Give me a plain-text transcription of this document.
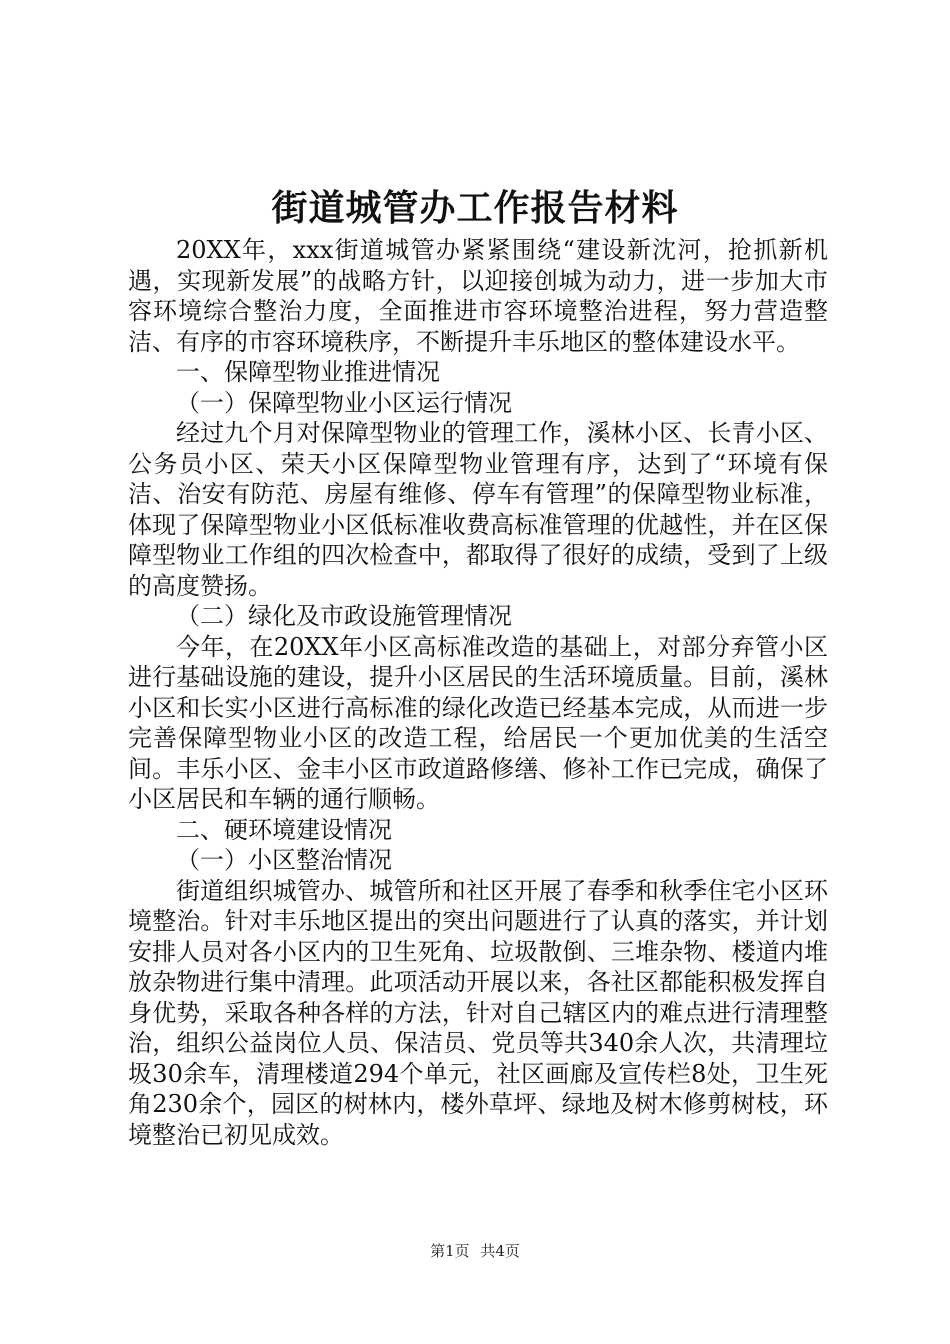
街道城管办工作报告材料

20XX年，xxx街道城管办紧紧围绕“建设新沈河，抢抓新机遇，实现新发展”的战略方针，以迎接创城为动力，进一步加大市容环境综合整治力度，全面推进市容环境整治进程，努力营造整洁、有序的市容环境秩序，不断提升丰乐地区的整体建设水平。

一、保障型物业推进情况

（一）保障型物业小区运行情况

经过九个月对保障型物业的管理工作，溪林小区、长青小区、公务员小区、荣天小区保障型物业管理有序，达到了“环境有保洁、治安有防范、房屋有维修、停车有管理”的保障型物业标准，体现了保障型物业小区低标准收费高标准管理的优越性，并在区保障型物业工作组的四次检查中，都取得了很好的成绩，受到了上级的高度赞扬。

（二）绿化及市政设施管理情况

今年，在20XX年小区高标准改造的基础上，对部分弃管小区进行基础设施的建设，提升小区居民的生活环境质量。目前，溪林小区和长实小区进行高标准的绿化改造已经基本完成，从而进一步完善保障型物业小区的改造工程，给居民一个更加优美的生活空间。丰乐小区、金丰小区市政道路修缮、修补工作已完成，确保了小区居民和车辆的通行顺畅。

二、硬环境建设情况

（一）小区整治情况

街道组织城管办、城管所和社区开展了春季和秋季住宅小区环境整治。针对丰乐地区提出的突出问题进行了认真的落实，并计划安排人员对各小区内的卫生死角、垃圾散倒、三堆杂物、楼道内堆放杂物进行集中清理。此项活动开展以来，各社区都能积极发挥自身优势，采取各种各样的方法，针对自己辖区内的难点进行清理整治，组织公益岗位人员、保洁员、党员等共340余人次，共清理垃圾30余车，清理楼道294个单元，社区画廊及宣传栏8处，卫生死角230余个，园区的树林内，楼外草坪、绿地及树木修剪树枝，环境整治已初见成效。

第1页 共4页
